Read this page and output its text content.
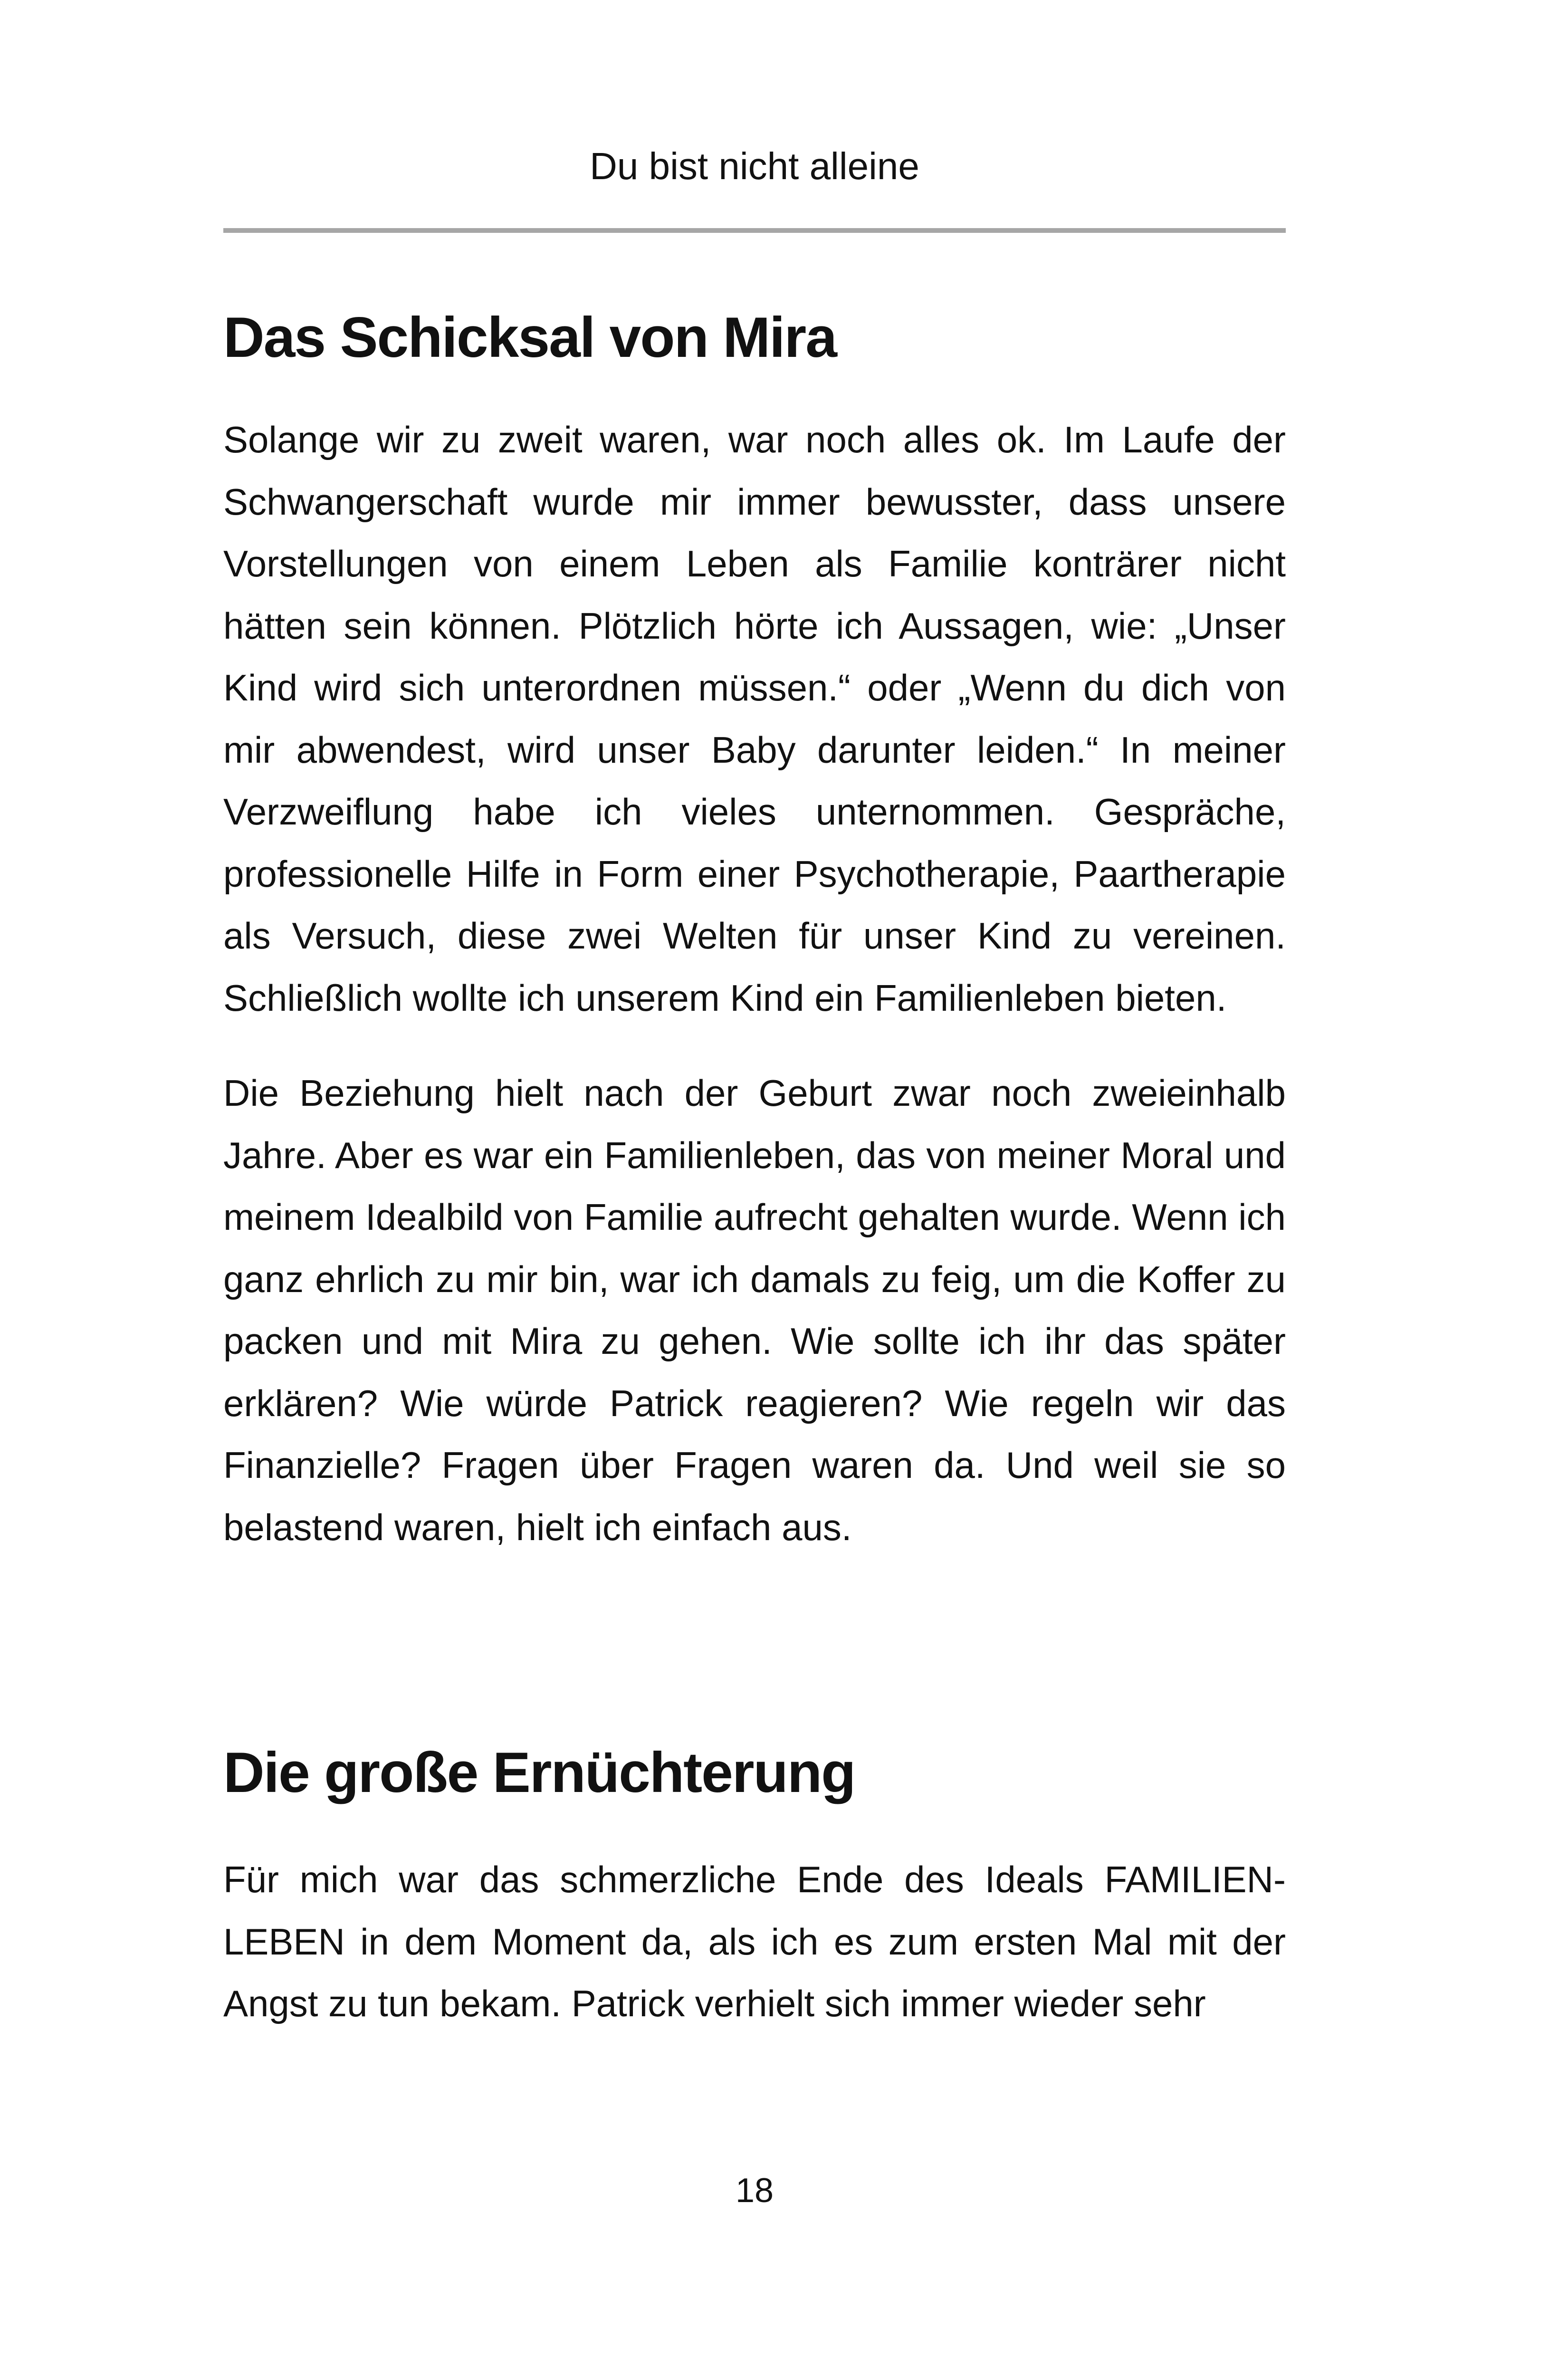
Du bist nicht alleine
Das Schicksal von Mira

Solange wir zu zweit waren, war noch alles ok. Im Laufe der Schwangerschaft wurde mir immer bewusster, dass unsere Vorstellungen von einem Leben als Familie konträrer nicht hätten sein können. Plötzlich hörte ich Aussagen, wie: „Unser Kind wird sich unterordnen müssen.“ oder „Wenn du dich von mir abwendest, wird unser Baby darunter leiden.“ In meiner Verzweiflung habe ich vieles unternommen. Gespräche, professionelle Hilfe in Form einer Psychotherapie, Paartherapie als Versuch, diese zwei Welten für unser Kind zu vereinen. Schließlich wollte ich unserem Kind ein Familienleben bieten.

Die Beziehung hielt nach der Geburt zwar noch zweieinhalb Jahre. Aber es war ein Familienleben, das von meiner Moral und meinem Idealbild von Familie aufrecht gehalten wurde. Wenn ich ganz ehrlich zu mir bin, war ich damals zu feig, um die Koffer zu packen und mit Mira zu gehen. Wie sollte ich ihr das später erklären? Wie würde Patrick reagieren? Wie regeln wir das Finanzielle? Fragen über Fragen waren da. Und weil sie so belastend waren, hielt ich einfach aus.

Die große Ernüchterung

Für mich war das schmerzliche Ende des Ideals FAMILIENLEBEN in dem Moment da, als ich es zum ersten Mal mit der Angst zu tun bekam. Patrick verhielt sich immer wieder sehr

18
